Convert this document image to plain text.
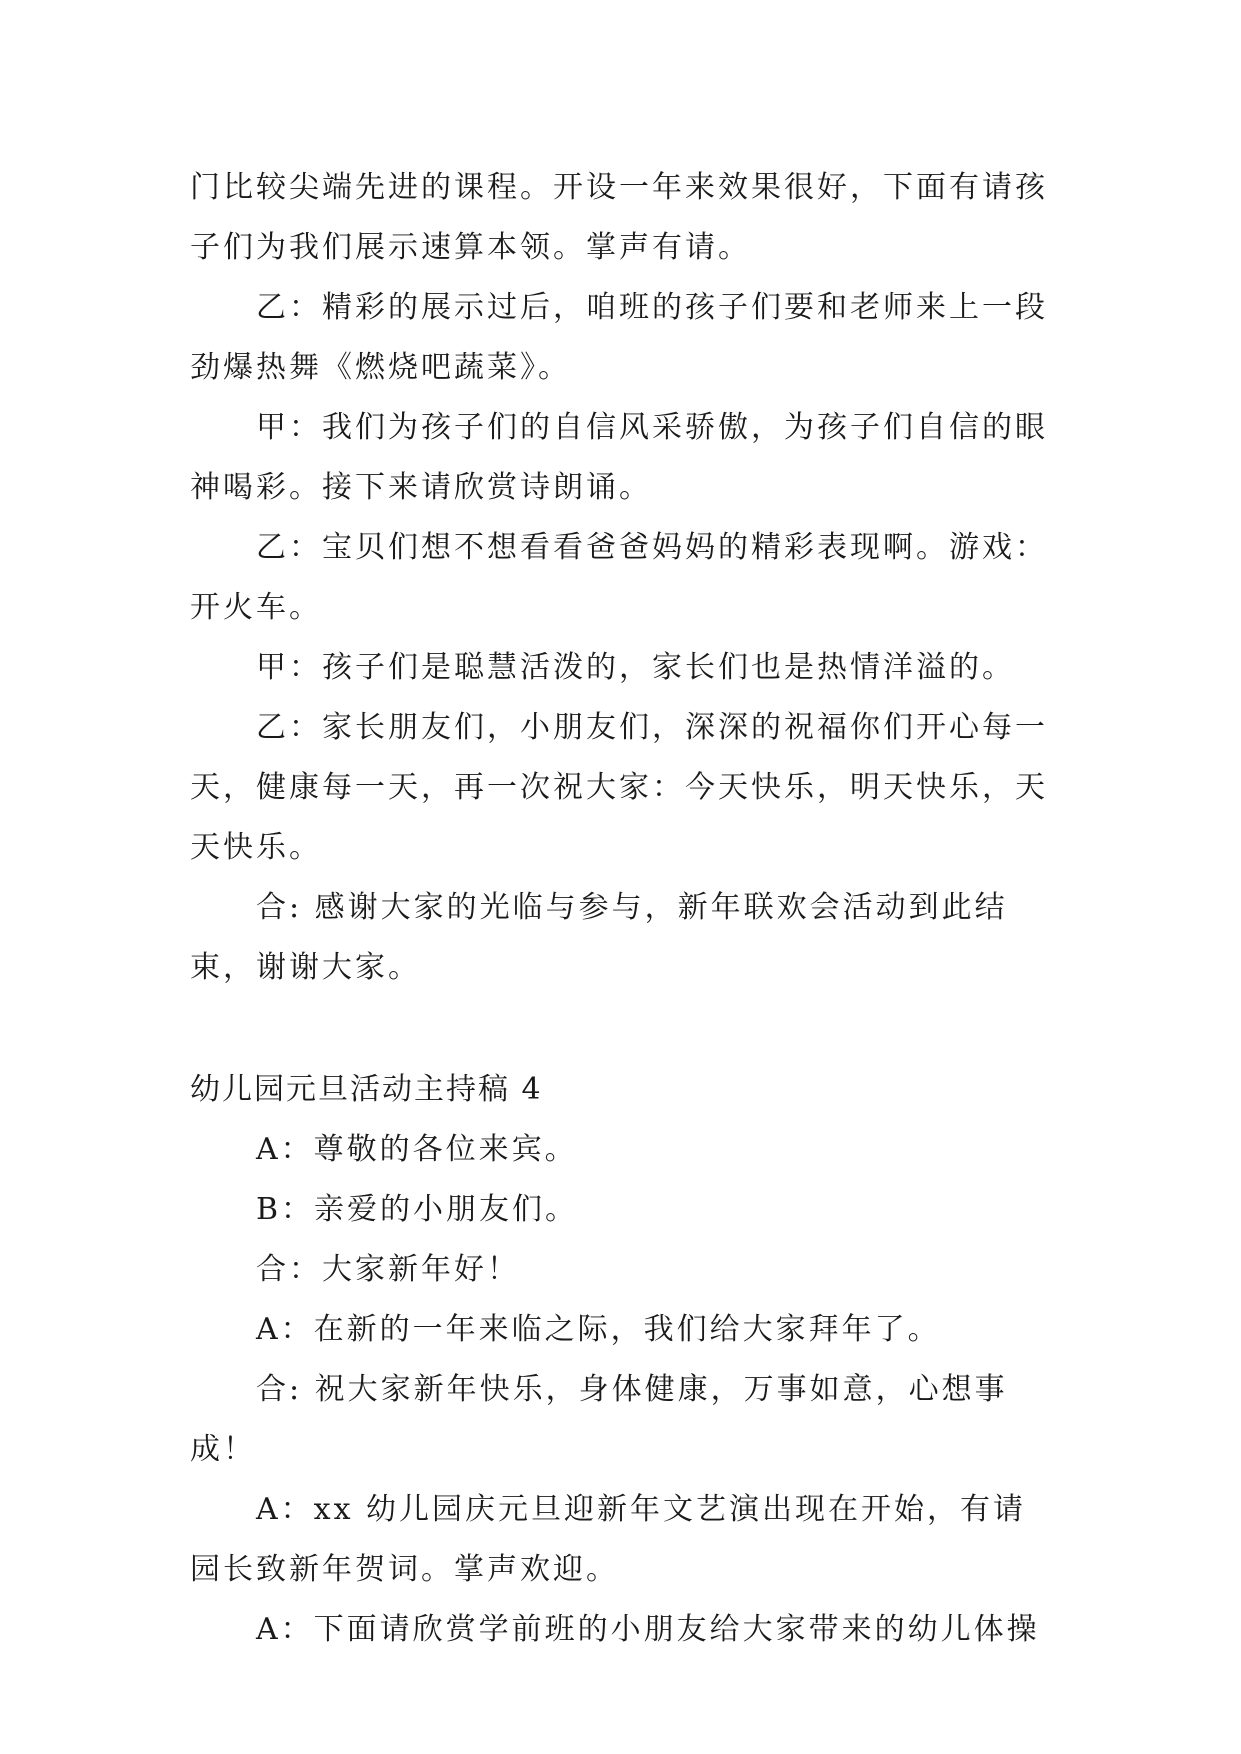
门比较尖端先进的课程。开设一年来效果很好，下面有请孩子们为我们展示速算本领。掌声有请。

乙：精彩的展示过后，咱班的孩子们要和老师来上一段劲爆热舞《燃烧吧蔬菜》。

甲：我们为孩子们的自信风采骄傲，为孩子们自信的眼神喝彩。接下来请欣赏诗朗诵。

乙：宝贝们想不想看看爸爸妈妈的精彩表现啊。游戏：开火车。

甲：孩子们是聪慧活泼的，家长们也是热情洋溢的。

乙：家长朋友们，小朋友们，深深的祝福你们开心每一天，健康每一天，再一次祝大家：今天快乐，明天快乐，天天快乐。

合: 感谢大家的光临与参与，新年联欢会活动到此结束，谢谢大家。

幼儿园元旦活动主持稿 4

A：尊敬的各位来宾。

B：亲爱的小朋友们。

合：大家新年好！

A：在新的一年来临之际，我们给大家拜年了。

合: 祝大家新年快乐，身体健康，万事如意，心想事成！

A：xx 幼儿园庆元旦迎新年文艺演出现在开始，有请园长致新年贺词。掌声欢迎。

A：下面请欣赏学前班的小朋友给大家带来的幼儿体操
